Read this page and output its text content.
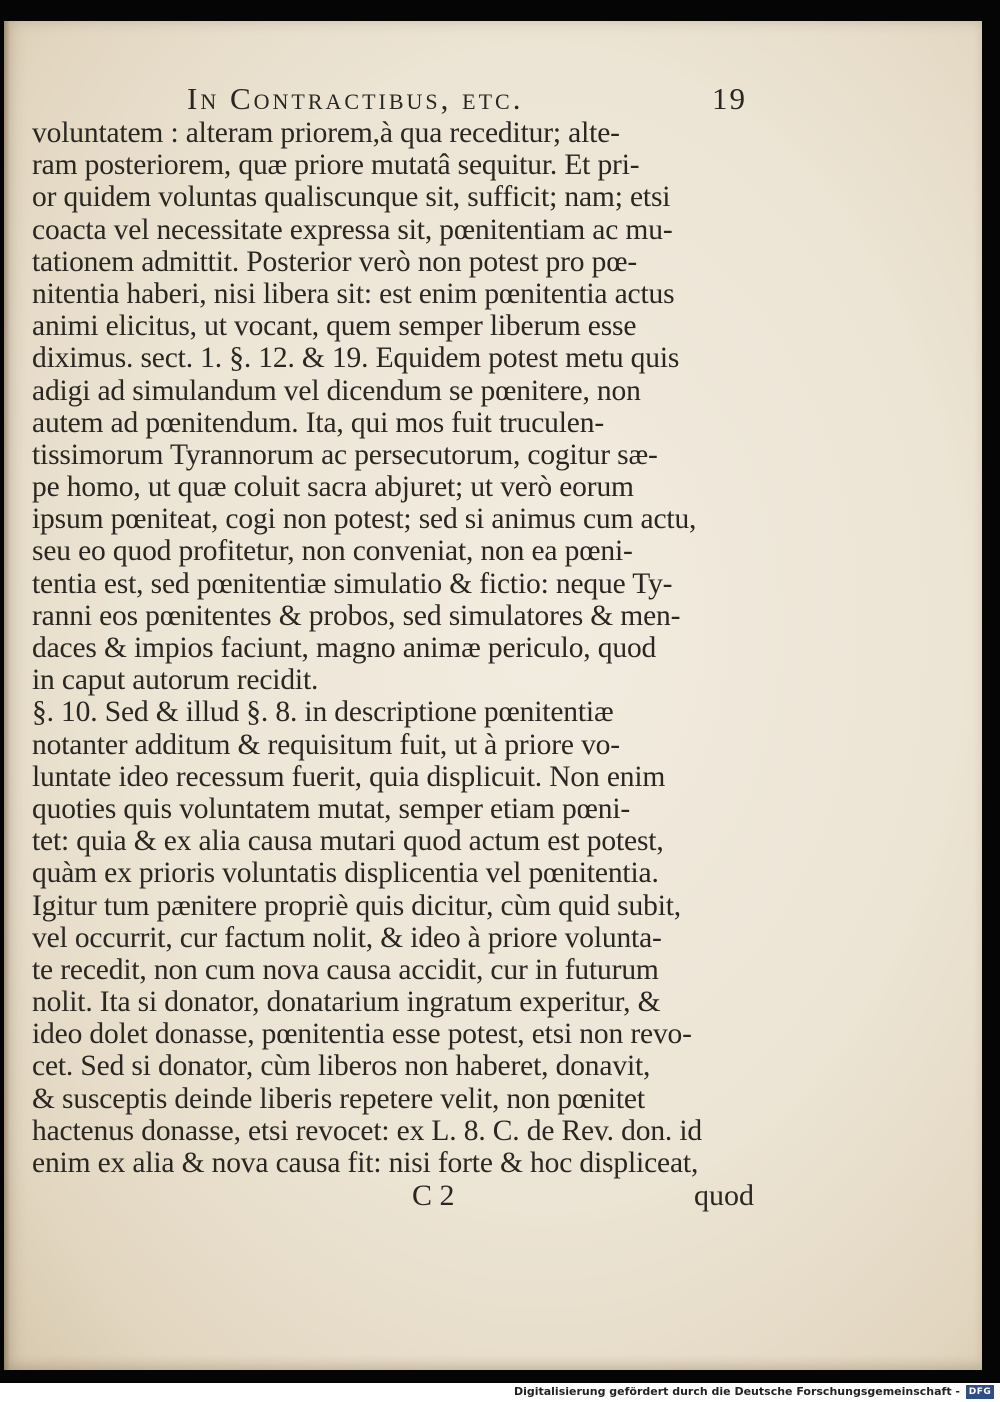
In Contractibus, etc.	19
voluntatem : alteram priorem,à qua receditur; alte-
ram posteriorem, quæ priore mutatâ sequitur. Et pri-
or quidem voluntas qualiscunque sit, sufficit; nam; etsi
coacta vel necessitate expressa sit, pœnitentiam ac mu-
tationem admittit. Posterior verò non potest pro pœ-
nitentia haberi, nisi libera sit: est enim pœnitentia actus
animi elicitus, ut vocant, quem semper liberum esse
diximus. sect. 1. §. 12. & 19. Equidem potest metu quis
adigi ad simulandum vel dicendum se pœnitere, non
autem ad pœnitendum. Ita, qui mos fuit truculen-
tissimorum Tyrannorum ac persecutorum, cogitur sæ-
pe homo, ut quæ coluit sacra abjuret; ut verò eorum
ipsum pœniteat, cogi non potest; sed si animus cum actu,
seu eo quod profitetur, non conveniat, non ea pœni-
tentia est, sed pœnitentiæ simulatio & fictio: neque Ty-
ranni eos pœnitentes & probos, sed simulatores & men-
daces & impios faciunt, magno animæ periculo, quod
in caput autorum recidit.
§. 10. Sed & illud §. 8. in descriptione pœnitentiæ
notanter additum & requisitum fuit, ut à priore vo-
luntate ideo recessum fuerit, quia displicuit. Non enim
quoties quis voluntatem mutat, semper etiam pœni-
tet: quia & ex alia causa mutari quod actum est potest,
quàm ex prioris voluntatis displicentia vel pœnitentia.
Igitur tum pænitere propriè quis dicitur, cùm quid subit,
vel occurrit, cur factum nolit, & ideo à priore volunta-
te recedit, non cum nova causa accidit, cur in futurum
nolit. Ita si donator, donatarium ingratum experitur, &
ideo dolet donasse, pœnitentia esse potest, etsi non revo-
cet. Sed si donator, cùm liberos non haberet, donavit,
& susceptis deinde liberis repetere velit, non pœnitet
hactenus donasse, etsi revocet: ex L. 8. C. de Rev. don. id
enim ex alia & nova causa fit: nisi forte & hoc displiceat,
C 2	quod
Digitalisierung gefördert durch die Deutsche Forschungsgemeinschaft - DFG
